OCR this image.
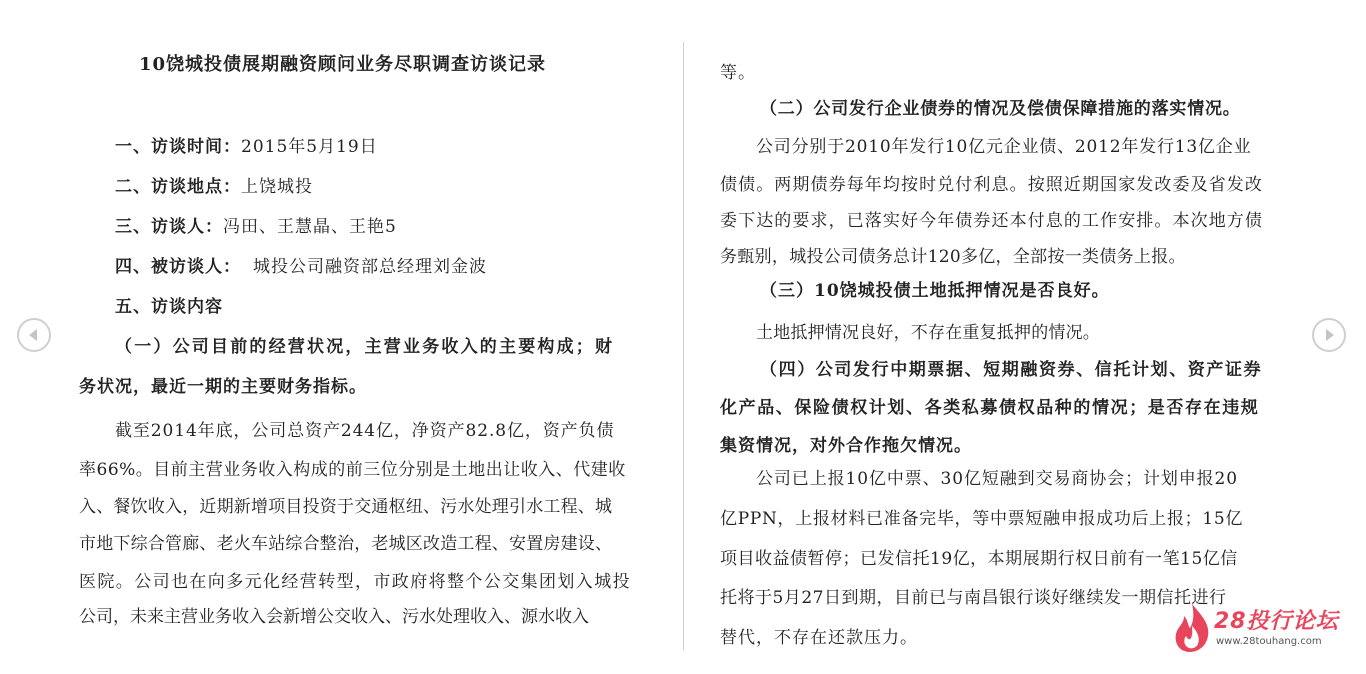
10饶城投债展期融资顾问业务尽职调查访谈记录
一、访谈时间：2015年5月19日
二、访谈地点：上饶城投
三、访谈人：冯田、王慧晶、王艳5
四、被访谈人： 城投公司融资部总经理刘金波
五、访谈内容
（一）公司目前的经营状况，主营业务收入的主要构成；财
务状况，最近一期的主要财务指标。
截至2014年底，公司总资产244亿，净资产82.8亿，资产负债
率66%。目前主营业务收入构成的前三位分别是土地出让收入、代建收
入、餐饮收入，近期新增项目投资于交通枢纽、污水处理引水工程、城
市地下综合管廊、老火车站综合整治，老城区改造工程、安置房建设、
医院。公司也在向多元化经营转型，市政府将整个公交集团划入城投
公司，未来主营业务收入会新增公交收入、污水处理收入、源水收入
等。
（二）公司发行企业债券的情况及偿债保障措施的落实情况。
公司分别于2010年发行10亿元企业债、2012年发行13亿企业
债债。两期债券每年均按时兑付利息。按照近期国家发改委及省发改
委下达的要求，已落实好今年债券还本付息的工作安排。本次地方债
务甄别，城投公司债务总计120多亿，全部按一类债务上报。
（三）10饶城投债土地抵押情况是否良好。
土地抵押情况良好，不存在重复抵押的情况。
（四）公司发行中期票据、短期融资券、信托计划、资产证券
化产品、保险债权计划、各类私募债权品种的情况；是否存在违规
集资情况，对外合作拖欠情况。
公司已上报10亿中票、30亿短融到交易商协会；计划申报20
亿PPN，上报材料已准备完毕，等中票短融申报成功后上报；15亿
项目收益债暂停；已发信托19亿，本期展期行权日前有一笔15亿信
托将于5月27日到期，目前已与南昌银行谈好继续发一期信托进行
替代，不存在还款压力。
28投行论坛
www.28touhang.com
